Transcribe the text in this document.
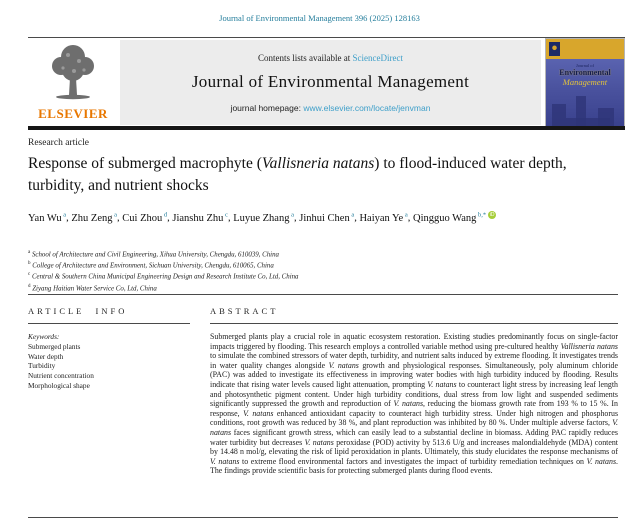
Journal of Environmental Management 396 (2025) 128163
ELSEVIER
Contents lists available at ScienceDirect
Journal of Environmental Management
journal homepage: www.elsevier.com/locate/jenvman
Journal of
Environmental
Management
Research article
Response of submerged macrophyte (Vallisneria natans) to flood-induced water depth, turbidity, and nutrient shocks
Yan Wu $^a$, Zhu Zeng $^a$, Cui Zhou $^d$, Jianshu Zhu $^c$, Luyue Zhang $^a$, Jinhui Chen $^a$, Haiyan Ye $^a$, Qingguo Wang $^{b,*}$ iD
$^a$ School of Architecture and Civil Engineering, Xihua University, Chengdu, 610039, China
$^b$ College of Architecture and Environment, Sichuan University, Chengdu, 610065, China
$^c$ Central & Southern China Municipal Engineering Design and Research Institute Co, Ltd, China
$^d$ Ziyang Haitian Water Service Co, Ltd, China
ARTICLE INFO
Keywords:
Submerged plants
Water depth
Turbidity
Nutrient concentration
Morphological shape
ABSTRACT
Submerged plants play a crucial role in aquatic ecosystem restoration. Existing studies predominantly focus on single-factor impacts triggered by flooding. This research employs a controlled variable method using pre-cultured healthy Vallisneria natans to simulate the combined stressors of water depth, turbidity, and nutrient salts induced by extreme flooding. It investigates trends in water quality changes alongside V. natans growth and physiological responses. Simultaneously, poly aluminum chloride (PAC) was added to investigate its effectiveness in improving water bodies with high turbidity induced by flooding. Results indicate that rising water levels caused light attenuation, prompting V. natans to counteract light stress by increasing leaf length and photosynthetic pigment content. Under high turbidity conditions, dual stress from low light and suspended sediments significantly suppressed the growth and reproduction of V. natans, reducing the biomass growth rate from 193 % to 15 %. In response, V. natans enhanced antioxidant capacity to counteract high turbidity stress. Under high nitrogen and phosphorus conditions, root growth was reduced by 38 %, and plant reproduction was inhibited by 80 %. Under multiple adverse factors, V. natans faces significant growth stress, which can easily lead to a substantial decline in biomass. Adding PAC rapidly reduces water turbidity but decreases V. natans peroxidase (POD) activity by 513.6 U/g and increases malondialdehyde (MDA) content by 14.48 n mol/g, elevating the risk of lipid peroxidation in plants. Ultimately, this study elucidates the response mechanisms of V. natans to extreme flood environmental factors and investigates the impact of turbidity remediation techniques on V. natans. The findings provide scientific basis for protecting submerged plants during flood events.
